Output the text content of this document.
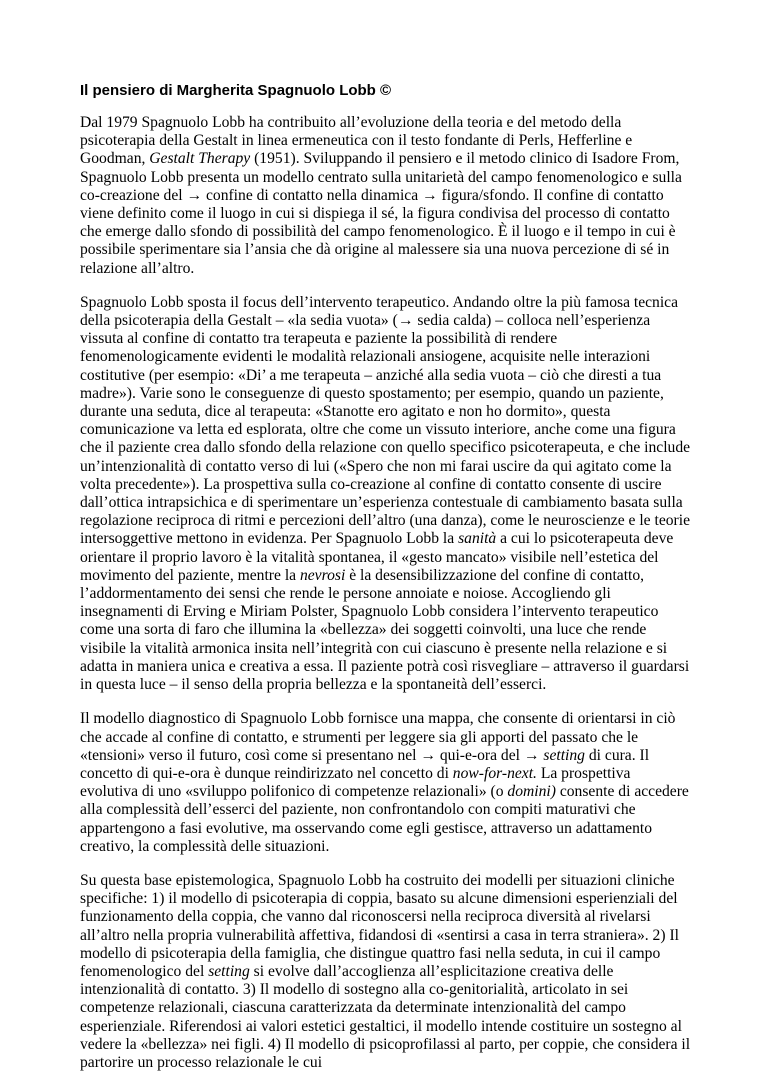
Il pensiero di Margherita Spagnuolo Lobb ©

Dal 1979 Spagnuolo Lobb ha contribuito all’evoluzione della teoria e del metodo della psicoterapia della Gestalt in linea ermeneutica con il testo fondante di Perls, Hefferline e Goodman, Gestalt Therapy (1951). Sviluppando il pensiero e il metodo clinico di Isadore From, Spagnuolo Lobb presenta un modello centrato sulla unitarietà del campo fenomenologico e sulla co-creazione del → confine di contatto nella dinamica → figura/sfondo. Il confine di contatto viene definito come il luogo in cui si dispiega il sé, la figura condivisa del processo di contatto che emerge dallo sfondo di possibilità del campo fenomenologico. È il luogo e il tempo in cui è possibile sperimentare sia l’ansia che dà origine al malessere sia una nuova percezione di sé in relazione all’altro.

Spagnuolo Lobb sposta il focus dell’intervento terapeutico. Andando oltre la più famosa tecnica della psicoterapia della Gestalt – «la sedia vuota» (→ sedia calda) – colloca nell’esperienza vissuta al confine di contatto tra terapeuta e paziente la possibilità di rendere fenomenologicamente evidenti le modalità relazionali ansiogene, acquisite nelle interazioni costitutive (per esempio: «Di’ a me terapeuta – anziché alla sedia vuota – ciò che diresti a tua madre»). Varie sono le conseguenze di questo spostamento; per esempio, quando un paziente, durante una seduta, dice al terapeuta: «Stanotte ero agitato e non ho dormito», questa comunicazione va letta ed esplorata, oltre che come un vissuto interiore, anche come una figura che il paziente crea dallo sfondo della relazione con quello specifico psicoterapeuta, e che include un’intenzionalità di contatto verso di lui («Spero che non mi farai uscire da qui agitato come la volta precedente»). La prospettiva sulla co-creazione al confine di contatto consente di uscire dall’ottica intrapsichica e di sperimentare un’esperienza contestuale di cambiamento basata sulla regolazione reciproca di ritmi e percezioni dell’altro (una danza), come le neuroscienze e le teorie intersoggettive mettono in evidenza. Per Spagnuolo Lobb la sanità a cui lo psicoterapeuta deve orientare il proprio lavoro è la vitalità spontanea, il «gesto mancato» visibile nell’estetica del movimento del paziente, mentre la nevrosi è la desensibilizzazione del confine di contatto, l’addormentamento dei sensi che rende le persone annoiate e noiose. Accogliendo gli insegnamenti di Erving e Miriam Polster, Spagnuolo Lobb considera l’intervento terapeutico come una sorta di faro che illumina la «bellezza» dei soggetti coinvolti, una luce che rende visibile la vitalità armonica insita nell’integrità con cui ciascuno è presente nella relazione e si adatta in maniera unica e creativa a essa. Il paziente potrà così risvegliare – attraverso il guardarsi in questa luce – il senso della propria bellezza e la spontaneità dell’esserci.

Il modello diagnostico di Spagnuolo Lobb fornisce una mappa, che consente di orientarsi in ciò che accade al confine di contatto, e strumenti per leggere sia gli apporti del passato che le «tensioni» verso il futuro, così come si presentano nel → qui-e-ora del → setting di cura. Il concetto di qui-e-ora è dunque reindirizzato nel concetto di now-for-next. La prospettiva evolutiva di uno «sviluppo polifonico di competenze relazionali» (o domini) consente di accedere alla complessità dell’esserci del paziente, non confrontandolo con compiti maturativi che appartengono a fasi evolutive, ma osservando come egli gestisce, attraverso un adattamento creativo, la complessità delle situazioni.

Su questa base epistemologica, Spagnuolo Lobb ha costruito dei modelli per situazioni cliniche specifiche: 1) il modello di psicoterapia di coppia, basato su alcune dimensioni esperienziali del funzionamento della coppia, che vanno dal riconoscersi nella reciproca diversità al rivelarsi all’altro nella propria vulnerabilità affettiva, fidandosi di «sentirsi a casa in terra straniera». 2) Il modello di psicoterapia della famiglia, che distingue quattro fasi nella seduta, in cui il campo fenomenologico del setting si evolve dall’accoglienza all’esplicitazione creativa delle intenzionalità di contatto. 3) Il modello di sostegno alla co-genitorialità, articolato in sei competenze relazionali, ciascuna caratterizzata da determinate intenzionalità del campo esperienziale. Riferendosi ai valori estetici gestaltici, il modello intende costituire un sostegno al vedere la «bellezza» nei figli. 4) Il modello di psicoprofilassi al parto, per coppie, che considera il partorire un processo relazionale le cui
